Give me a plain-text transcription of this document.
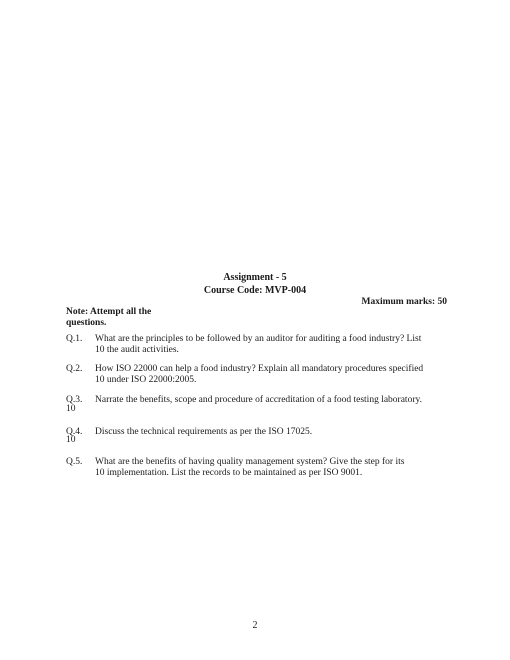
Assignment - 5
Course Code: MVP-004
Maximum marks: 50
Note: Attempt all the questions.
Q.1.	What are the principles to be followed by an auditor for auditing a food industry? List
10 the audit activities.
Q.2.	How ISO 22000 can help a food industry? Explain all mandatory procedures specified
10 under ISO 22000:2005.
Q.3.
10
Narrate the benefits, scope and procedure of accreditation of a food testing laboratory.
Q.4.
10
Discuss the technical requirements as per the ISO 17025.
Q.5.	What are the benefits of having quality management system? Give the step for its
10 implementation. List the records to be maintained as per ISO 9001.
2
